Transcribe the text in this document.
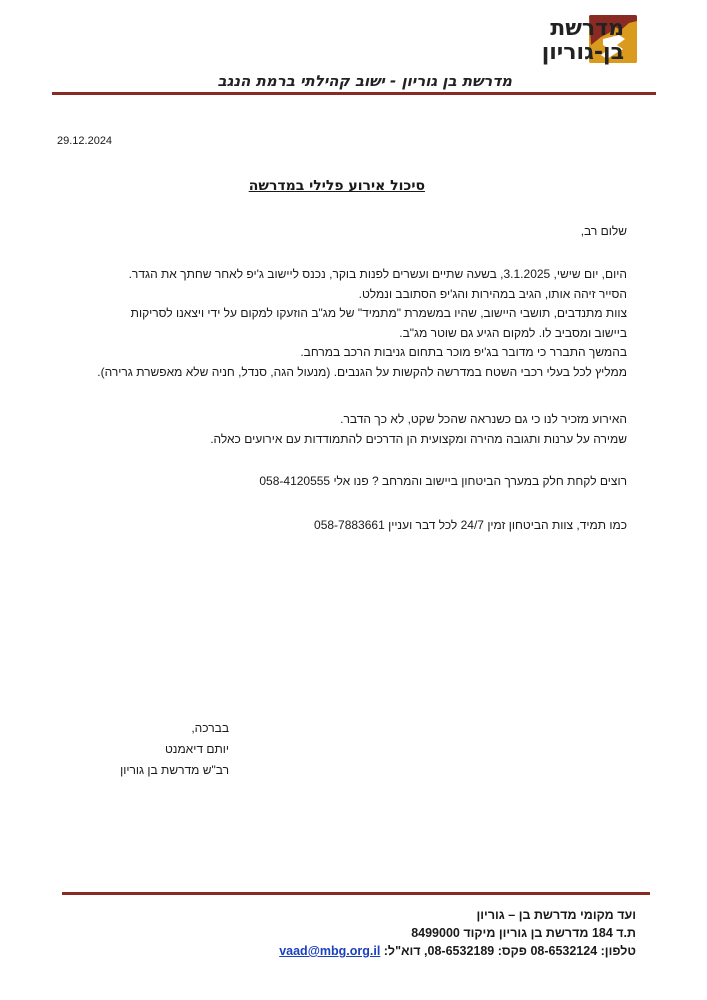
מדרשת
בן-גוריון
מדרשת בן גוריון - ישוב קהילתי ברמת הנגב
29.12.2024
סיכול אירוע פלילי במדרשה
שלום רב,
היום, יום שישי, 3.1.2025, בשעה שתיים ועשרים לפנות בוקר, נכנס ליישוב ג'יפ לאחר שחתך את הגדר.
הסייר זיהה אותו, הגיב במהירות והג'יפ הסתובב ונמלט.
צוות מתנדבים, תושבי היישוב, שהיו במשמרת "מתמיד" של מג"ב הוזעקו למקום על ידי ויצאנו לסריקות
ביישוב ומסביב לו. למקום הגיע גם שוטר מג"ב.
בהמשך התברר כי מדובר בג'יפ מוכר בתחום גניבות הרכב במרחב.
ממליץ לכל בעלי רכבי השטח במדרשה להקשות על הגנבים. (מנעול הגה, סנדל, חניה שלא מאפשרת גרירה).
האירוע מזכיר לנו כי גם כשנראה שהכל שקט, לא כך הדבר.
שמירה על ערנות ותגובה מהירה ומקצועית הן הדרכים להתמודדות עם אירועים כאלה.
רוצים לקחת חלק במערך הביטחון ביישוב והמרחב ? פנו אלי 058-4120555
כמו תמיד, צוות הביטחון זמין 24/7 לכל דבר ועניין 058-7883661
בברכה,
יותם דיאמנט
רב"ש מדרשת בן גוריון
ועד מקומי מדרשת בן – גוריון
ת.ד 184 מדרשת בן גוריון מיקוד 8499000
טלפון: 08-6532124 פקס: 08-6532189, דוא"ל: vaad@mbg.org.il
